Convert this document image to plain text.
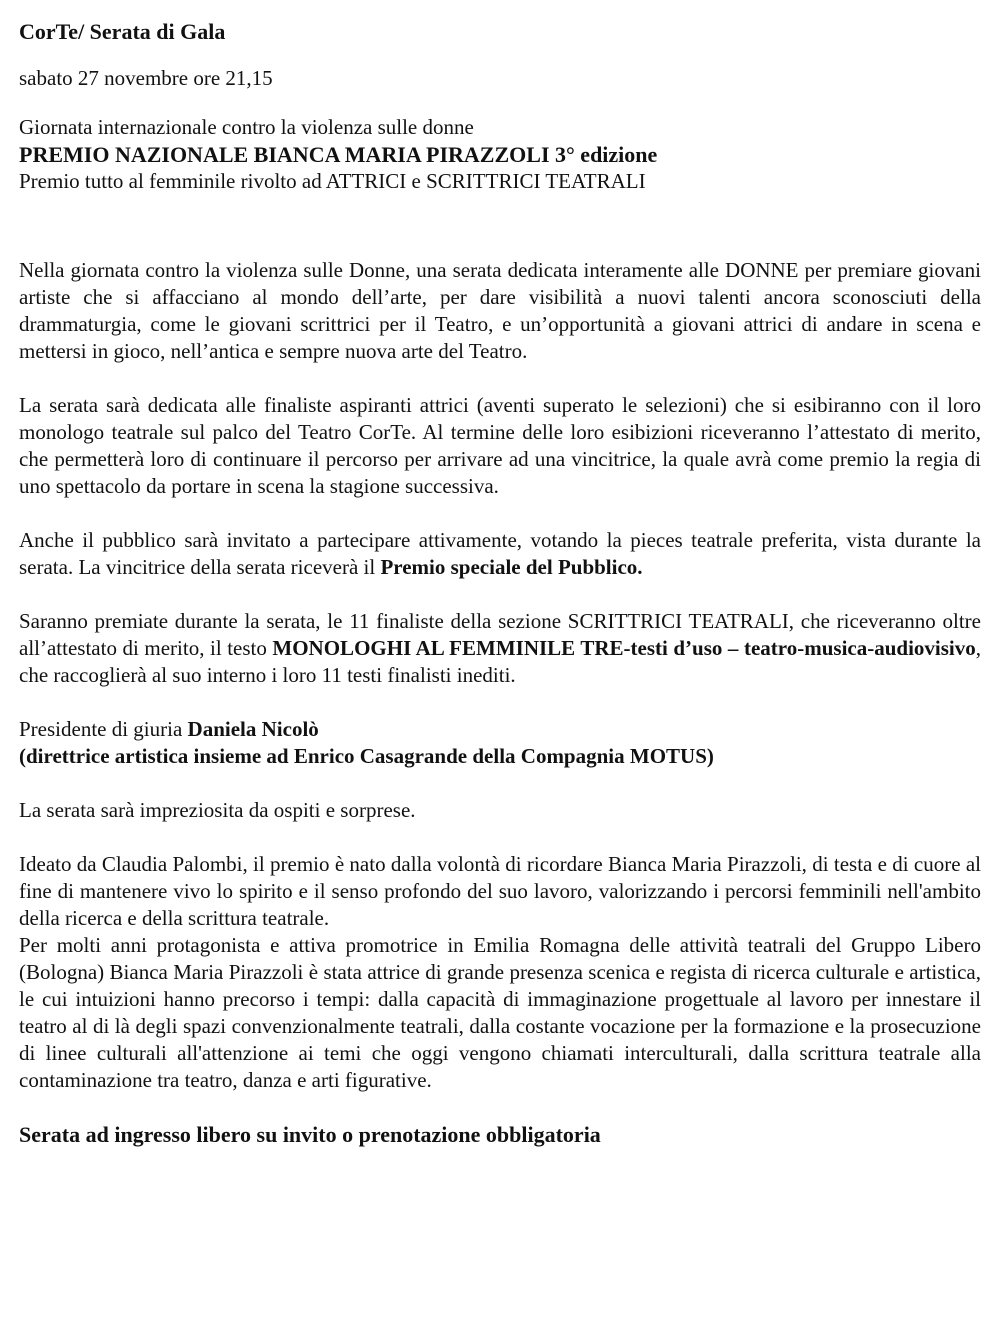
CorTe/ Serata di Gala
sabato 27 novembre ore 21,15
Giornata internazionale contro la violenza sulle donne
PREMIO NAZIONALE BIANCA MARIA PIRAZZOLI 3° edizione
Premio tutto al femminile rivolto ad ATTRICI e SCRITTRICI TEATRALI

Nella giornata contro la violenza sulle Donne, una serata dedicata interamente alle DONNE per premiare giovani artiste che si affacciano al mondo dell’arte, per dare visibilità a nuovi talenti ancora sconosciuti della drammaturgia, come le giovani scrittrici per il Teatro, e un’opportunità a giovani attrici di andare in scena e mettersi in gioco, nell’antica e sempre nuova arte del Teatro.

La serata sarà dedicata alle finaliste aspiranti attrici (aventi superato le selezioni) che si esibiranno con il loro monologo teatrale sul palco del Teatro CorTe. Al termine delle loro esibizioni riceveranno l’attestato di merito, che permetterà loro di continuare il percorso per arrivare ad una vincitrice, la quale avrà come premio la regia di uno spettacolo da portare in scena la stagione successiva.

Anche il pubblico sarà invitato a partecipare attivamente, votando la pieces teatrale preferita, vista durante la serata. La vincitrice della serata riceverà il Premio speciale del Pubblico.

Saranno premiate durante la serata, le 11 finaliste della sezione SCRITTRICI TEATRALI, che riceveranno oltre all’attestato di merito, il testo MONOLOGHI AL FEMMINILE TRE-testi d’uso – teatro-musica-audiovisivo, che raccoglierà al suo interno i loro 11 testi finalisti inediti.

Presidente di giuria Daniela Nicolò
(direttrice artistica insieme ad Enrico Casagrande della Compagnia MOTUS)

La serata sarà impreziosita da ospiti e sorprese.

Ideato da Claudia Palombi, il premio è nato dalla volontà di ricordare Bianca Maria Pirazzoli, di testa e di cuore al fine di mantenere vivo lo spirito e il senso profondo del suo lavoro, valorizzando i percorsi femminili nell'ambito della ricerca e della scrittura teatrale.

Per molti anni protagonista e attiva promotrice in Emilia Romagna delle attività teatrali del Gruppo Libero (Bologna) Bianca Maria Pirazzoli è stata attrice di grande presenza scenica e regista di ricerca culturale e artistica, le cui intuizioni hanno precorso i tempi: dalla capacità di immaginazione progettuale al lavoro per innestare il teatro al di là degli spazi convenzionalmente teatrali, dalla costante vocazione per la formazione e la prosecuzione di linee culturali all'attenzione ai temi che oggi vengono chiamati interculturali, dalla scrittura teatrale alla contaminazione tra teatro, danza e arti figurative.

Serata ad ingresso libero su invito o prenotazione obbligatoria
